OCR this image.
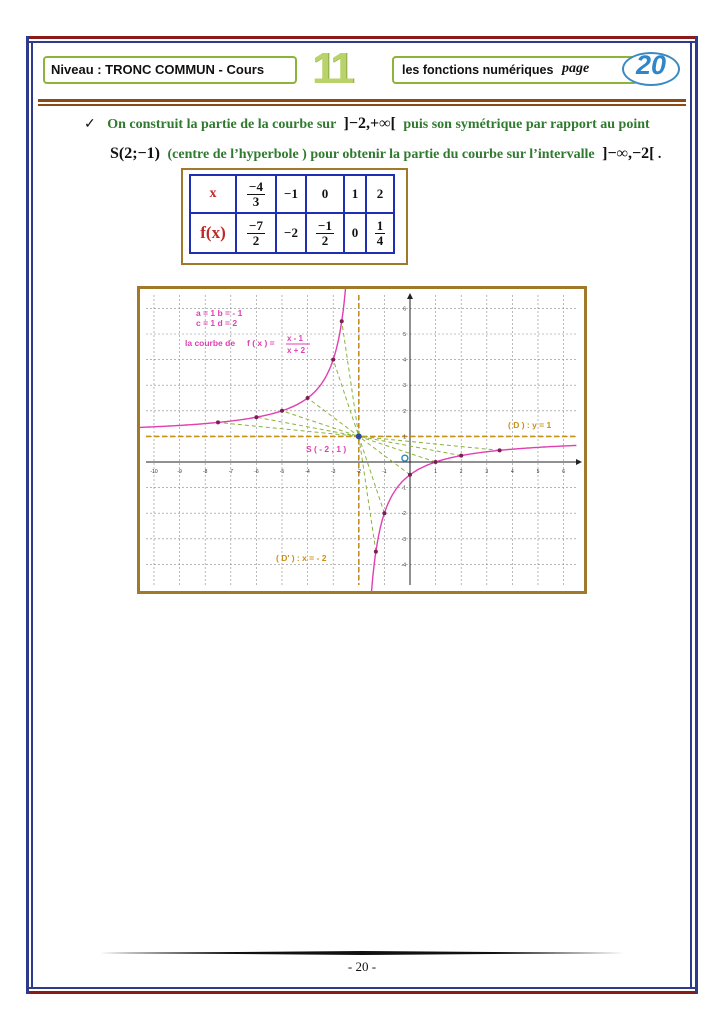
Niveau : TRONC COMMUN - Cours	11	les fonctions numériques page	20
✓ On construit la partie de la courbe sur ]−2,+∞[ puis son symétrique par rapport au point
S(2;−1) (centre de l’hyperbole ) pour obtenir la partie du courbe sur l’intervalle ]−∞,−2[ .
x	$\frac{-4}{3}$	−1	0	1	2
f(x)	$\frac{-7}{2}$	−2	$\frac{-1}{2}$	0	$\frac{1}{4}$
-10	-9	-8	-7	-6	-5	-4	-3	-2	-1	1	2	3	4	5	6
6
5
4
3
2
1
-1
-2
-3
-4
a = 1 b = - 1
c = 1 d = 2
la courbe de f ( x ) = x - 1
x + 2
S ( - 2 , 1 )
( D ) : y = 1
( D' ) : x = - 2
- 20 -
